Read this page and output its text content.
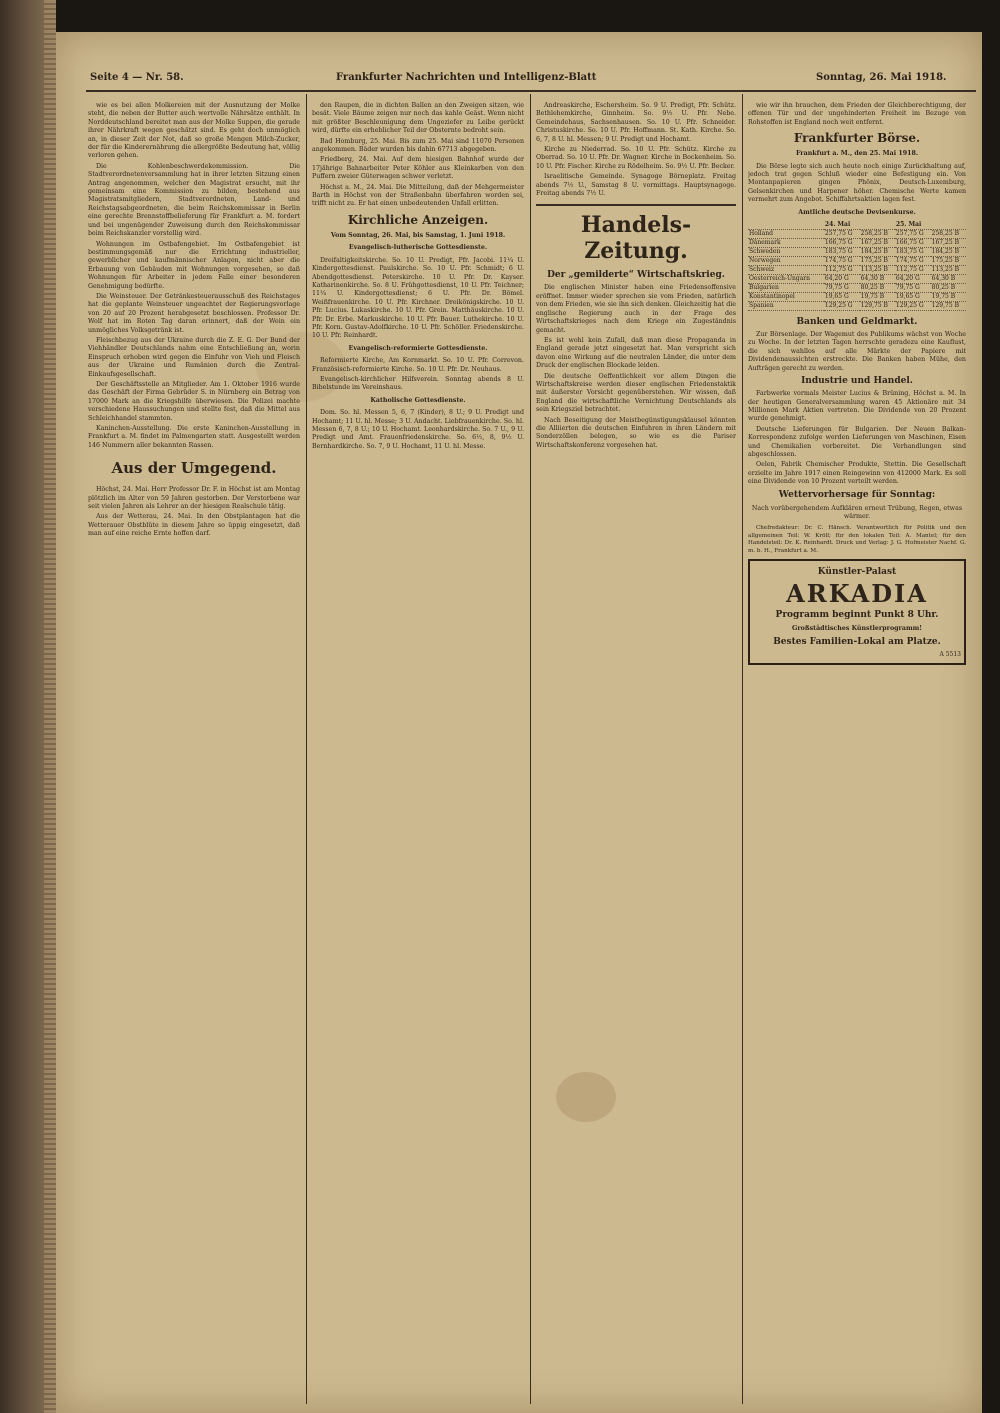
Seite 4 — Nr. 58.	Frankfurter Nachrichten und Intelligenz-Blatt	Sonntag, 26. Mai 1918.

wie es bei allen Molkereien mit der Ausnutzung der Molke steht, die neben der Butter auch wertvolle Nährsätze enthält. In Norddeutschland bereitet man aus der Molke Suppen, die gerade ihrer Nährkraft wegen geschätzt sind. Es geht doch unmöglich an, in dieser Zeit der Not, daß so große Mengen Milch-Zucker, der für die Kinderernährung die allergrößte Bedeutung hat, völlig verloren gehen.

Die Kohlenbeschwerdekommission. Die Stadtverordnetenversammlung hat in ihrer letzten Sitzung einen Antrag angenommen, welcher den Magistrat ersucht, mit ihr gemeinsam eine Kommission zu bilden, bestehend aus Magistratsmitgliedern, Stadtverordneten, Land- und Reichstagsabgeordneten, die beim Reichskommissar in Berlin eine gerechte Brennstoffbelieferung für Frankfurt a. M. fordert und bei ungenügender Zuweisung durch den Reichskommissar beim Reichskanzler vorstellig wird.

Wohnungen im Ostbafengebiet. Im Ostbafengebiet ist bestimmungsgemäß nur die Errichtung industrieller, gewerblicher und kaufmännischer Anlagen, nicht aber die Erbauung von Gebäuden mit Wohnungen vorgesehen, so daß Wohnungen für Arbeiter in jedem Falle einer besonderen Genehmigung bedürfte.

Die Weinsteuer. Der Getränkesteuerausschuß des Reichstages hat die geplante Weinsteuer ungeachtet der Regierungsvorlage von 20 auf 20 Prozent herabgesetzt beschlossen. Professor Dr. Wolf hat im Roten Tag daran erinnert, daß der Wein ein unmögliches Volksgetränk ist.

Fleischbezug aus der Ukraine durch die Z. E. G. Der Bund der Viehhändler Deutschlands nahm eine Entschließung an, worin Einspruch erhoben wird gegen die Einfuhr von Vieh und Fleisch aus der Ukraine und Rumänien durch die Zentral-Einkaufsgesellschaft.

Der Geschäftsstelle an Mitglieder. Am 1. Oktober 1916 wurde das Geschäft der Firma Gebrüder S. in Nürnberg ein Betrag von 17000 Mark an die Kriegshilfe überwiesen. Die Polizei machte verschiedene Haussuchungen und stellte fest, daß die Mittel aus Schleichhandel stammten.

Kaninchen-Ausstellung. Die erste Kaninchen-Ausstellung in Frankfurt a. M. findet im Palmengarten statt. Ausgestellt werden 146 Nummern aller bekannten Rassen.

Aus der Umgegend.

Höchst, 24. Mai. Herr Professor Dr. F. in Höchst ist am Montag plötzlich im Alter von 59 Jahren gestorben. Der Verstorbene war seit vielen Jahren als Lehrer an der hiesigen Realschule tätig.

Aus der Wetterau, 24. Mai. In den Obstplantagen hat die Wetterauer Obstblüte in diesem Jahre so üppig eingesetzt, daß man auf eine reiche Ernte hoffen darf.

den Raupen, die in dichten Ballen an den Zweigen sitzen, wie besät. Viele Bäume zeigen nur noch das kahle Geäst. Wenn nicht mit größter Beschleunigung dem Ungeziefer zu Leibe gerückt wird, dürfte ein erheblicher Teil der Obsternte bedroht sein.

Bad Homburg, 25. Mai. Bis zum 25. Mai sind 11070 Personen angekommen. Bäder wurden bis dahin 67713 abgegeben.

Friedberg, 24. Mai. Auf dem hiesigen Bahnhof wurde der 17jährige Bahnarbeiter Peter Köhler aus Kleinkarben von den Puffern zweier Güterwagen schwer verletzt.

Höchst a. M., 24. Mai. Die Mitteilung, daß der Mehgermeister Barth in Höchst von der Straßenbahn überfahren worden sei, trifft nicht zu. Er hat einen unbedeutenden Unfall erlitten.

Kirchliche Anzeigen.
Vom Sonntag, 26. Mai, bis Samstag, 1. Juni 1918.
Evangelisch-lutherische Gottesdienste.

Dreifaltigkeitskirche. So. 10 U. Predigt, Pfr. Jacobi. 11¼ U. Kindergottesdienst. Paulskirche. So. 10 U. Pfr. Schmidt; 6 U. Abendgottesdienst. Peterskirche. 10 U. Pfr. Dr. Kayser. Katharinenkirche. So. 8 U. Frühgottesdienst, 10 U. Pfr. Teichner; 11¼ U. Kindergottesdienst; 6 U. Pfr. Dr. Bömel. Weißfrauenkirche. 10 U. Pfr. Kirchner. Dreikönigskirche. 10 U. Pfr. Lucius. Lukaskirche. 10 U. Pfr. Grein. Matthäuskirche. 10 U. Pfr. Dr. Erbe. Markuskirche. 10 U. Pfr. Bauer. Luthekirche. 10 U. Pfr. Korn. Gustav-Adolfkirche. 10 U. Pfr. Schöller. Friedenskirche. 10 U. Pfr. Reinhardt.

Evangelisch-reformierte Gottesdienste.

Reformierte Kirche, Am Kornmarkt. So. 10 U. Pfr. Correvon. Französisch-reformierte Kirche. So. 10 U. Pfr. Dr. Neuhaus.

Evangelisch-kirchlicher Hilfsverein. Sonntag abends 8 U. Bibelstunde im Vereinshaus.

Katholische Gottesdienste.

Dom. So. hl. Messen 5, 6, 7 (Kinder), 8 U.; 9 U. Predigt und Hochamt; 11 U. hl. Messe; 3 U. Andacht. Liebfrauenkirche. So. hl. Messen 6, 7, 8 U.; 10 U. Hochamt. Leonhardskirche. So. 7 U., 9 U. Predigt und Amt. Frauenfriedenskirche. So. 6½, 8, 9½ U. Bernhardkirche. So. 7, 9 U. Hochamt, 11 U. hl. Messe.

Andreaskirche, Eschersheim. So. 9 U. Predigt, Pfr. Schütz. Bethlehemkirche, Ginnheim. So. 9½ U. Pfr. Nebe. Gemeindehaus, Sachsenhausen. So. 10 U. Pfr. Schneider. Christuskirche. So. 10 U. Pfr. Hoffmann. St. Kath. Kirche. So. 6, 7, 8 U. hl. Messen; 9 U. Predigt und Hochamt.

Kirche zu Niederrad. So. 10 U. Pfr. Schütz. Kirche zu Oberrad. So. 10 U. Pfr. Dr. Wagner. Kirche in Bockenheim. So. 10 U. Pfr. Fischer. Kirche zu Rödelheim. So. 9½ U. Pfr. Becker.

Israelitische Gemeinde. Synagoge Börneplatz. Freitag abends 7½ U., Samstag 8 U. vormittags. Hauptsynagoge. Freitag abends 7½ U.

Handels-Zeitung.
Der „gemilderte“ Wirtschaftskrieg.

Die englischen Minister haben eine Friedensoffensive eröffnet. Immer wieder sprechen sie vom Frieden, natürlich von dem Frieden, wie sie ihn sich denken. Gleichzeitig hat die englische Regierung auch in der Frage des Wirtschaftskrieges nach dem Kriege ein Zugeständnis gemacht.

Es ist wohl kein Zufall, daß man diese Propaganda in England gerade jetzt eingesetzt hat. Man verspricht sich davon eine Wirkung auf die neutralen Länder, die unter dem Druck der englischen Blockade leiden.

Die deutsche Oeffentlichkeit vor allem Dingen die Wirtschaftskreise werden dieser englischen Friedenstaktik mit äußerster Vorsicht gegenüberstehen. Wir wissen, daß England die wirtschaftliche Vernichtung Deutschlands als sein Kriegsziel betrachtet.

Nach Beseitigung der Meistbegünstigungsklausel könnten die Alliierten die deutschen Einfuhren in ihren Ländern mit Sonderzöllen belegen, so wie es die Pariser Wirtschaftskonferenz vorgesehen hat.

wie wir ihn brauchen, dem Frieden der Gleichberechtigung, der offenen Tür und der ungehinderten Freiheit im Bezuge von Rohstoffen ist England noch weit entfernt.

Frankfurter Börse.
Frankfurt a. M., den 25. Mai 1918.

Die Börse legte sich auch heute noch einige Zurückhaltung auf, jedoch trat gegen Schluß wieder eine Befestigung ein. Von Montanpapieren gingen Phönix, Deutsch-Luxemburg, Gelsenkirchen und Harpener höher. Chemische Werte kamen vermehrt zum Angebot. Schiffahrtsaktien lagen fest.

Amtliche deutsche Devisenkurse.
	24. Mai		25. Mai	
Holland	257,75 G	258,25 B	257,75 G	258,25 B
Dänemark	166,75 G	167,25 B	166,75 G	167,25 B
Schweden	183,75 G	184,25 B	183,75 G	184,25 B
Norwegen	174,75 G	175,25 B	174,75 G	175,25 B
Schweiz	112,75 G	113,25 B	112,75 G	113,25 B
Oesterreich-Ungarn	64,20 G	64,30 B	64,20 G	64,30 B
Bulgarien	79,75 G	80,25 B	79,75 G	80,25 B
Konstantinopel	19,65 G	19,75 B	19,65 G	19,75 B
Spanien	129,25 G	129,75 B	129,25 G	129,75 B
Banken und Geldmarkt.

Zur Börsenlage. Der Wagemut des Publikums wächst von Woche zu Woche. In der letzten Tagen herrschte geradezu eine Kauflust, die sich wahllos auf alle Märkte der Papiere mit Dividendenaussichten erstreckte. Die Banken haben Mühe, den Aufträgen gerecht zu werden.

Industrie und Handel.

Farbwerke vormals Meister Lucius & Brüning, Höchst a. M. In der heutigen Generalversammlung waren 45 Aktionäre mit 34 Millionen Mark Aktien vertreten. Die Dividende von 20 Prozent wurde genehmigt.

Deutsche Lieferungen für Bulgarien. Der Neuen Balkan-Korrespondenz zufolge werden Lieferungen von Maschinen, Eisen und Chemikalien vorbereitet. Die Verhandlungen sind abgeschlossen.

Oelen, Fabrik Chemischer Produkte, Stettin. Die Gesellschaft erzielte im Jahre 1917 einen Reingewinn von 412000 Mark. Es soll eine Dividende von 10 Prozent verteilt werden.

Wettervorhersage für Sonntag:
Nach vorübergehendem Aufklären erneut Trübung, Regen, etwas wärmer.

Chefredakteur: Dr. C. Hänsch. Verantwortlich für Politik und den allgemeinen Teil: W. Kröll; für den lokalen Teil: A. Mantel; für den Handelsteil: Dr. K. Reinhardt. Druck und Verlag: J. G. Hofmeister Nachf. G. m. b. H., Frankfurt a. M.

Künstler-Palast
ARKADIA
Programm beginnt Punkt 8 Uhr.
Großstädtisches Künstlerprogramm!
Bestes Familien-Lokal am Platze.
A 5513
